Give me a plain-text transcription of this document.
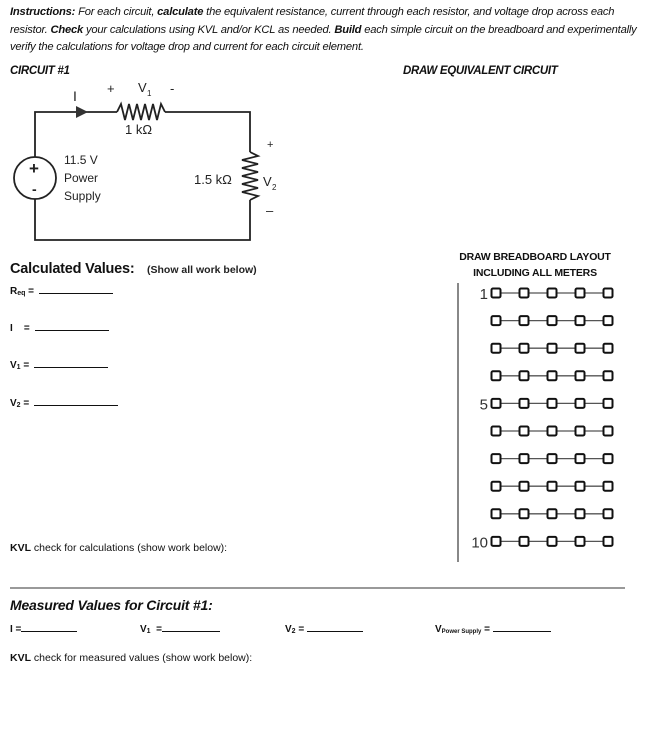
Instructions: For each circuit, calculate the equivalent resistance, current through each resistor, and voltage drop across each resistor. Check your calculations using KVL and/or KCL as needed. Build each simple circuit on the breadboard and experimentally verify the calculations for voltage drop and current for each circuit element.
CIRCUIT #1	DRAW EQUIVALENT CIRCUIT
I + V 1 -
1 kΩ
+
1.5 kΩ V 2
–
+
-
11.5 V
Power
Supply
Calculated Values: (Show all work below)
$R_{eq}$ =
I    =
$V_1$ =
$V_2$ =
KVL check for calculations (show work below):
DRAW BREADBOARD LAYOUT
INCLUDING ALL METERS
1
5
10
Measured Values for Circuit #1:
I =	$V_1$  =	$V_2$ =	$V_{Power Supply}$ =
KVL check for measured values (show work below):
